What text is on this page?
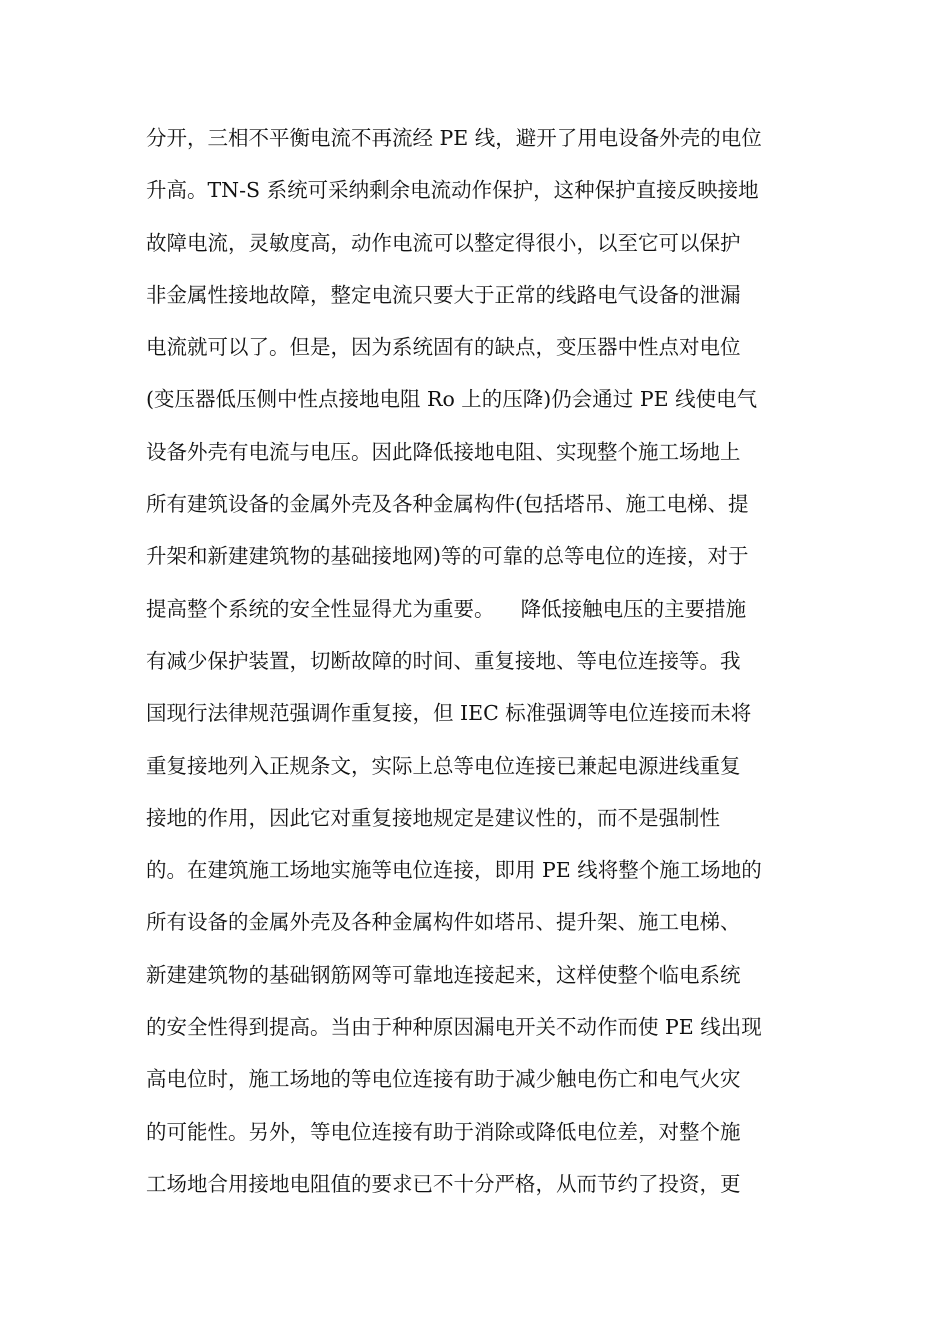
分开，三相不平衡电流不再流经 PE 线，避开了用电设备外壳的电位
升高。TN-S 系统可采纳剩余电流动作保护，这种保护直接反映接地
故障电流，灵敏度高，动作电流可以整定得很小，以至它可以保护
非金属性接地故障，整定电流只要大于正常的线路电气设备的泄漏
电流就可以了。但是，因为系统固有的缺点，变压器中性点对电位
(变压器低压侧中性点接地电阻 Ro 上的压降)仍会通过 PE 线使电气
设备外壳有电流与电压。因此降低接地电阻、实现整个施工场地上
所有建筑设备的金属外壳及各种金属构件(包括塔吊、施工电梯、提
升架和新建建筑物的基础接地网)等的可靠的总等电位的连接，对于
提高整个系统的安全性显得尤为重要。    降低接触电压的主要措施
有减少保护装置，切断故障的时间、重复接地、等电位连接等。我
国现行法律规范强调作重复接，但 IEC 标准强调等电位连接而未将
重复接地列入正规条文，实际上总等电位连接已兼起电源进线重复
接地的作用，因此它对重复接地规定是建议性的，而不是强制性
的。在建筑施工场地实施等电位连接，即用 PE 线将整个施工场地的
所有设备的金属外壳及各种金属构件如塔吊、提升架、施工电梯、
新建建筑物的基础钢筋网等可靠地连接起来，这样使整个临电系统
的安全性得到提高。当由于种种原因漏电开关不动作而使 PE 线出现
高电位时，施工场地的等电位连接有助于减少触电伤亡和电气火灾
的可能性。另外，等电位连接有助于消除或降低电位差，对整个施
工场地合用接地电阻值的要求已不十分严格，从而节约了投资，更
